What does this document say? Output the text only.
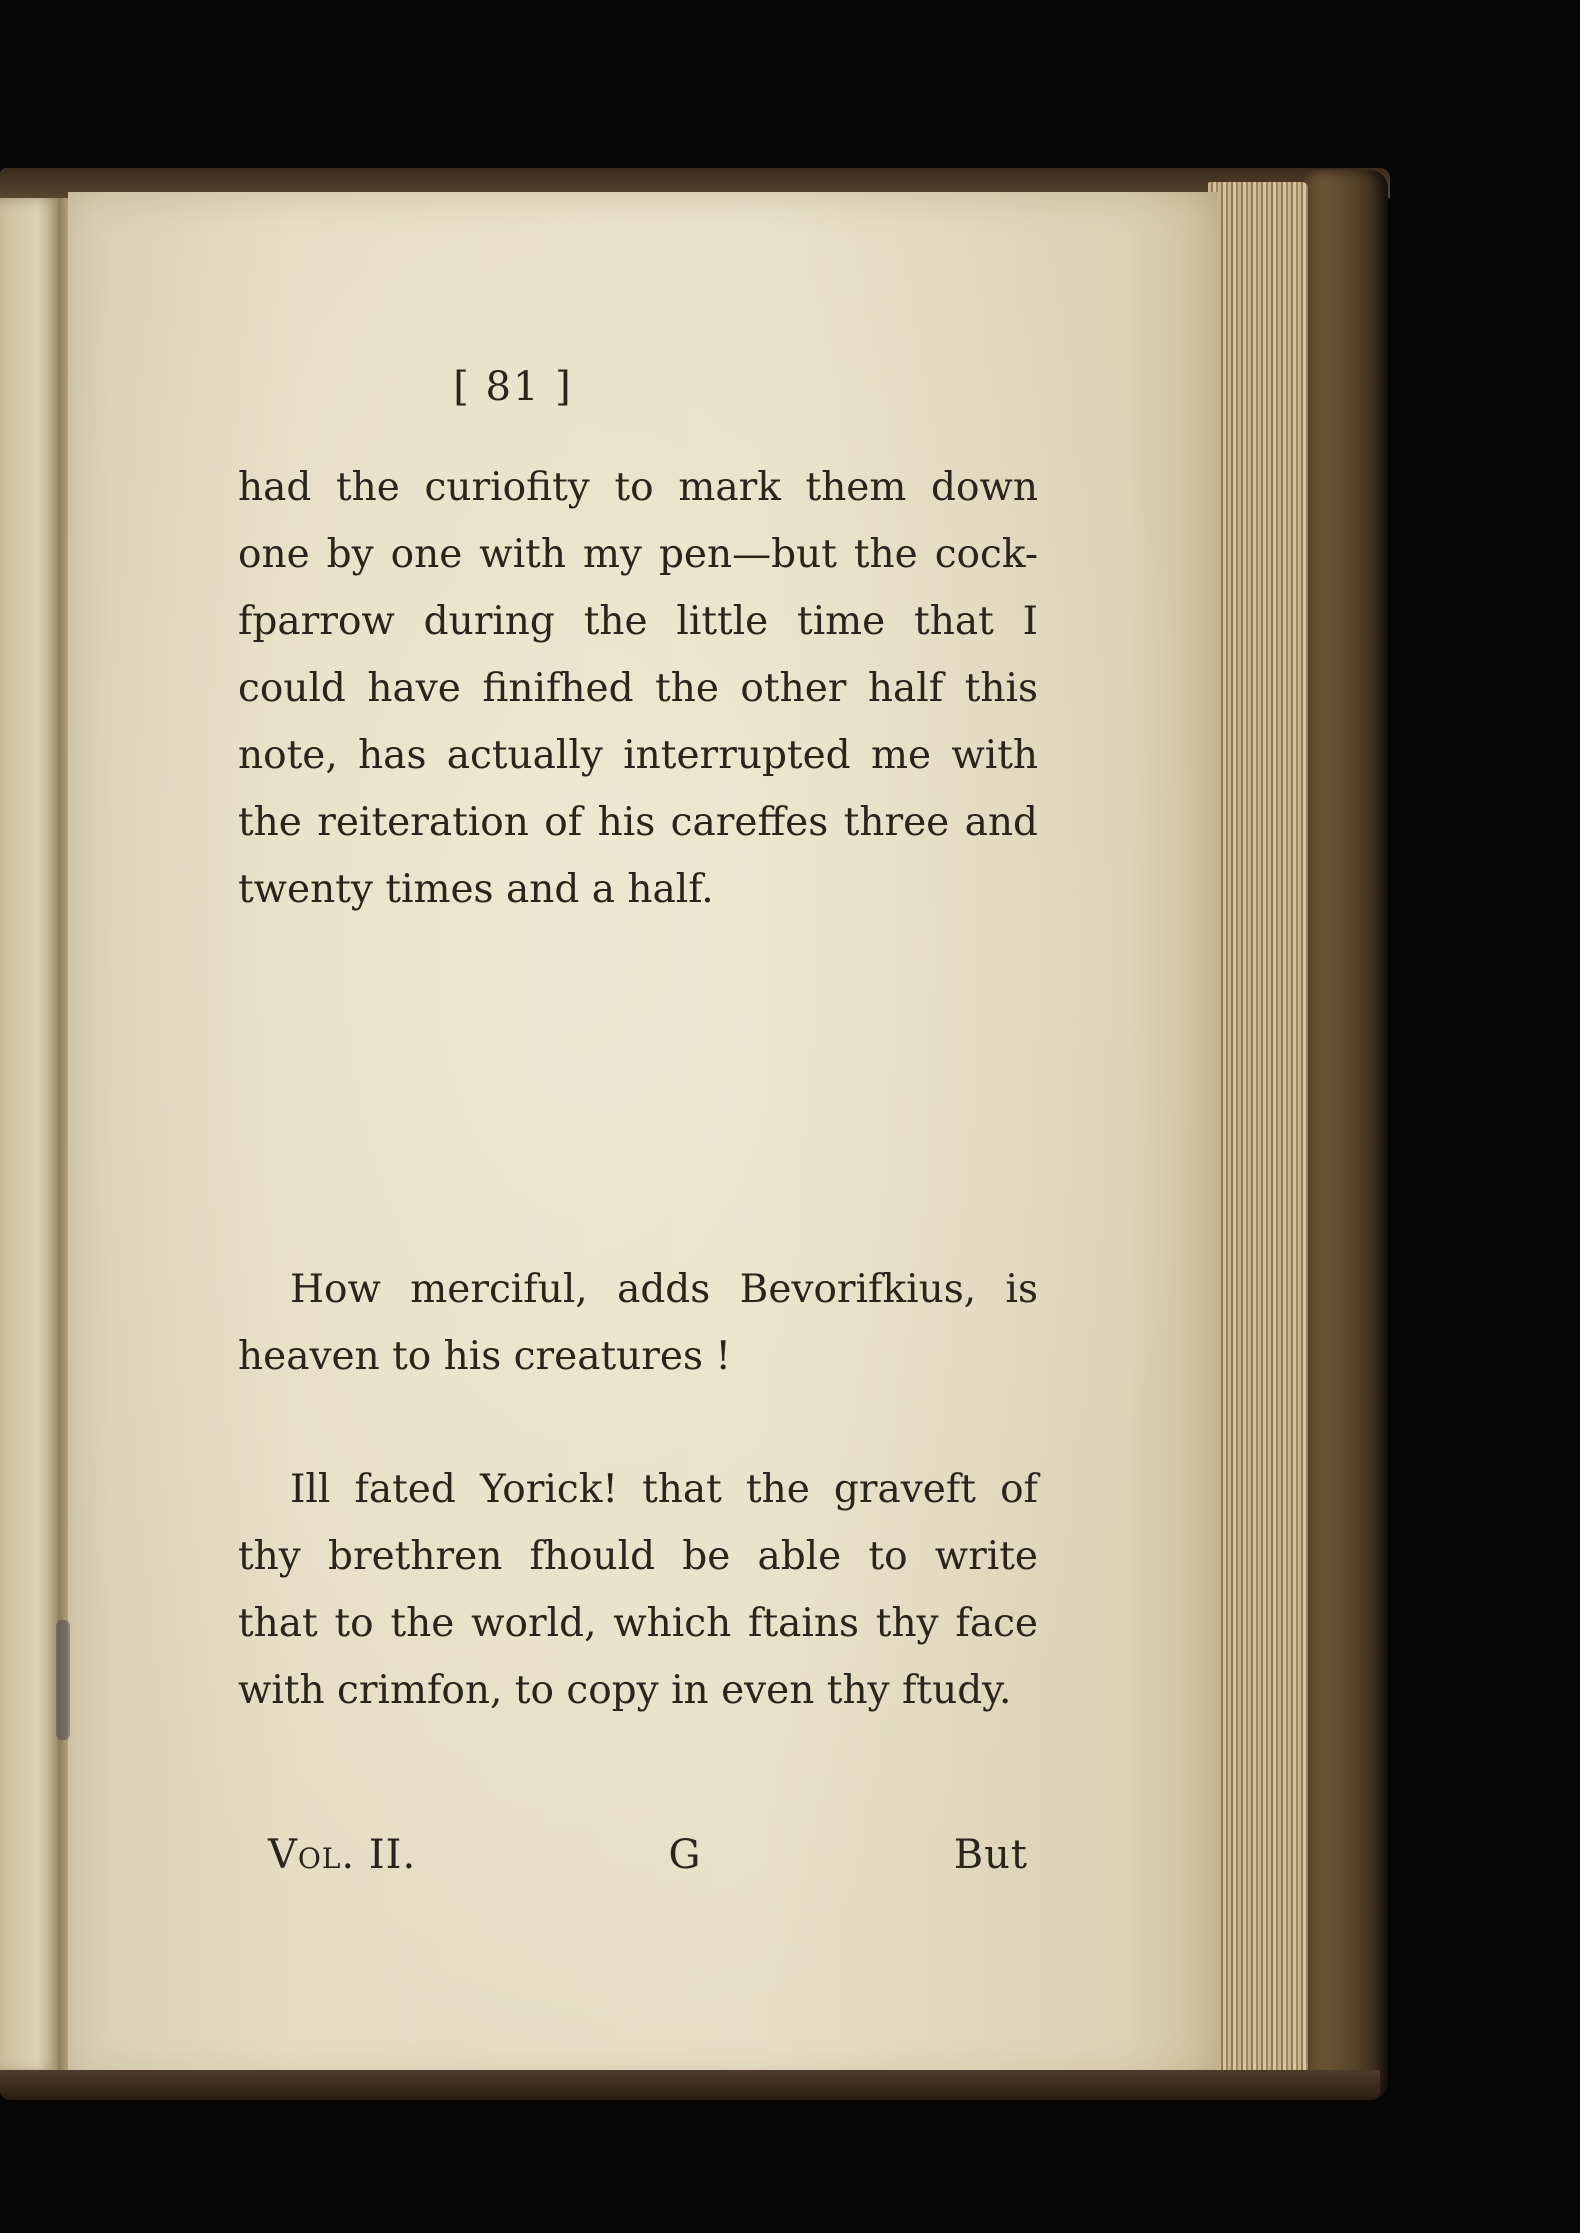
[ 81 ]

had the curiofity to mark them down one by one with my pen—but the cock-fparrow during the little time that I could have finifhed the other half this note, has actually interrupted me with the reiteration of his careffes three and twenty times and a half.

How merciful, adds Bevorifkius, is heaven to his creatures !

Ill fated Yorick! that the graveft of thy brethren fhould be able to write that to the world, which ftains thy face with crimfon, to copy in even thy ftudy.

Vol. II.	G	But
